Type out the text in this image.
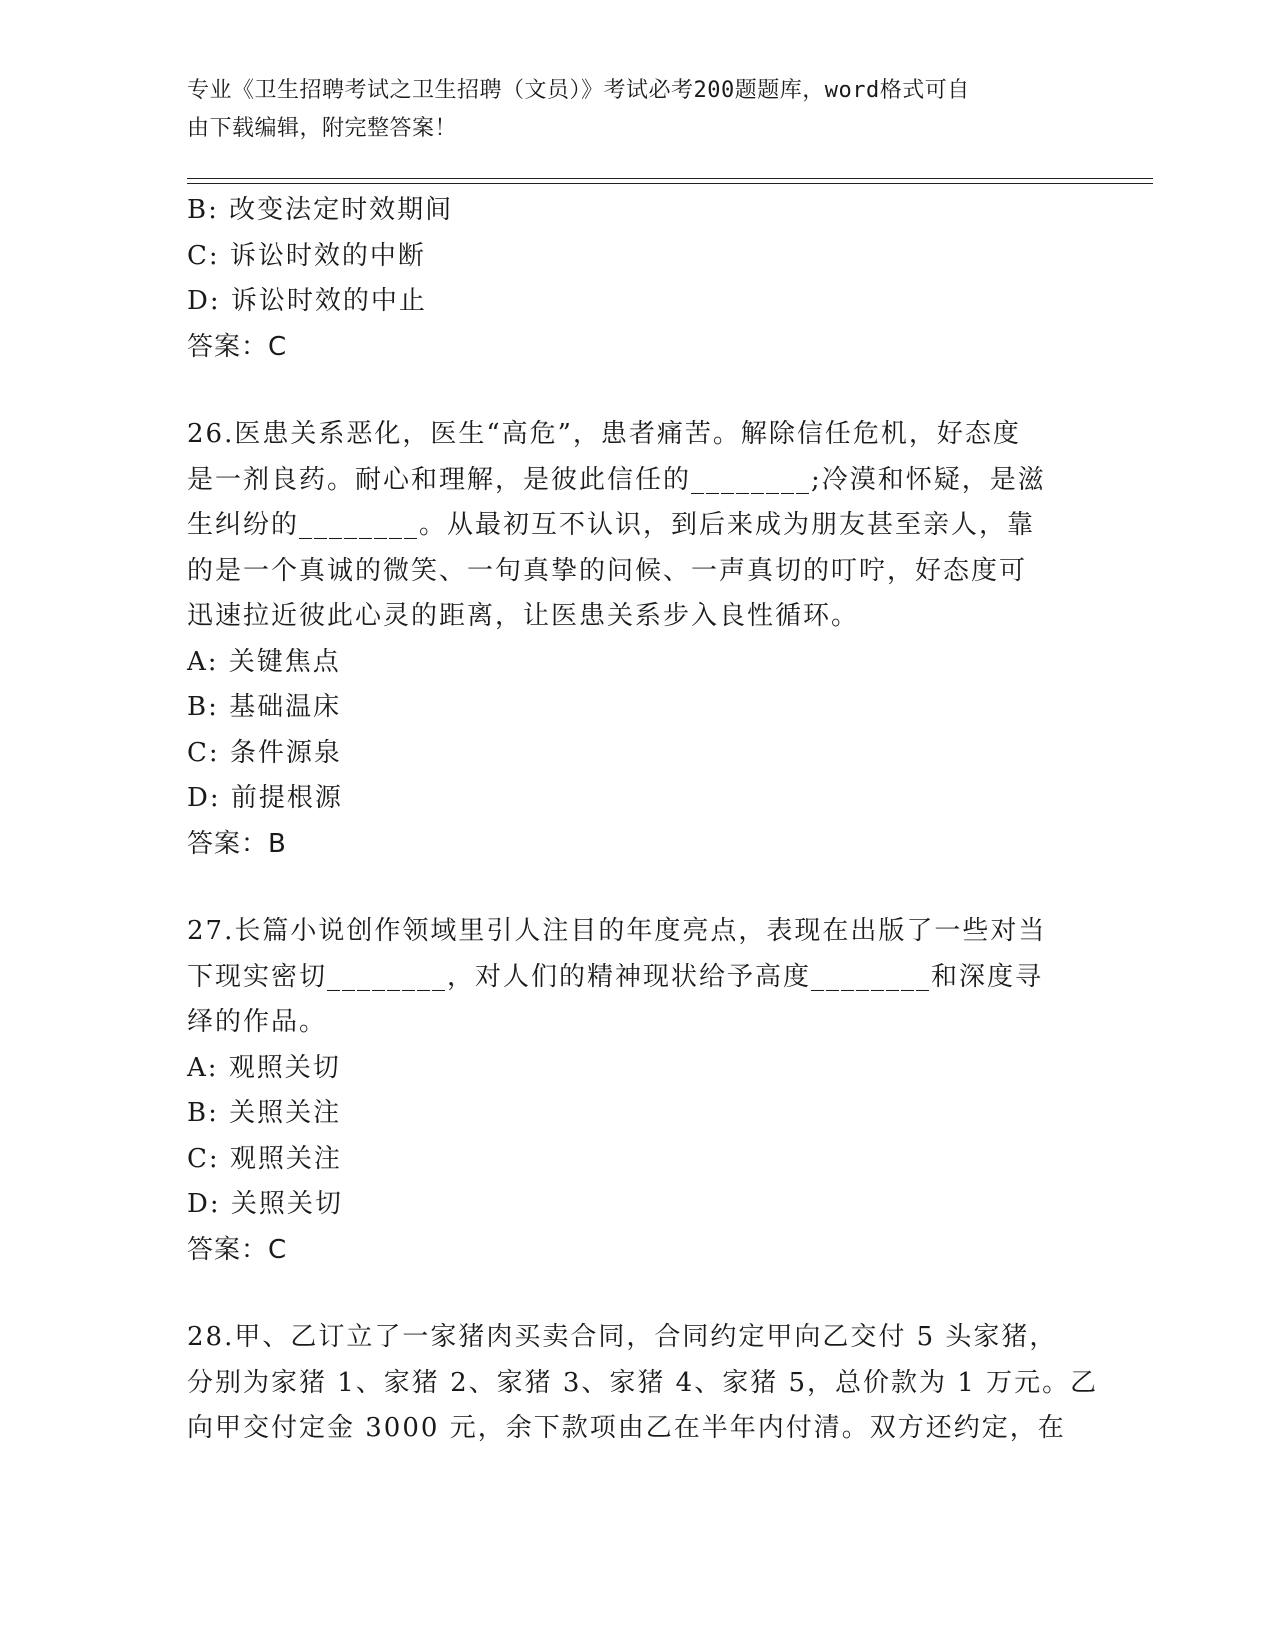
专业《卫生招聘考试之卫生招聘（文员）》考试必考200题题库，word格式可自
由下载编辑，附完整答案！
B: 改变法定时效期间
C: 诉讼时效的中断
D: 诉讼时效的中止
答案：C
26.医患关系恶化，医生“高危”，患者痛苦。解除信任危机，好态度
是一剂良药。耐心和理解，是彼此信任的________;冷漠和怀疑，是滋
生纠纷的________。从最初互不认识，到后来成为朋友甚至亲人，靠
的是一个真诚的微笑、一句真挚的问候、一声真切的叮咛，好态度可
迅速拉近彼此心灵的距离，让医患关系步入良性循环。
A: 关键焦点
B: 基础温床
C: 条件源泉
D: 前提根源
答案：B
27.长篇小说创作领域里引人注目的年度亮点，表现在出版了一些对当
下现实密切________，对人们的精神现状给予高度________和深度寻
绎的作品。
A: 观照关切
B: 关照关注
C: 观照关注
D: 关照关切
答案：C
28.甲、乙订立了一家猪肉买卖合同，合同约定甲向乙交付 5 头家猪，
分别为家猪 1、家猪 2、家猪 3、家猪 4、家猪 5，总价款为 1 万元。乙
向甲交付定金 3000 元，余下款项由乙在半年内付清。双方还约定，在
